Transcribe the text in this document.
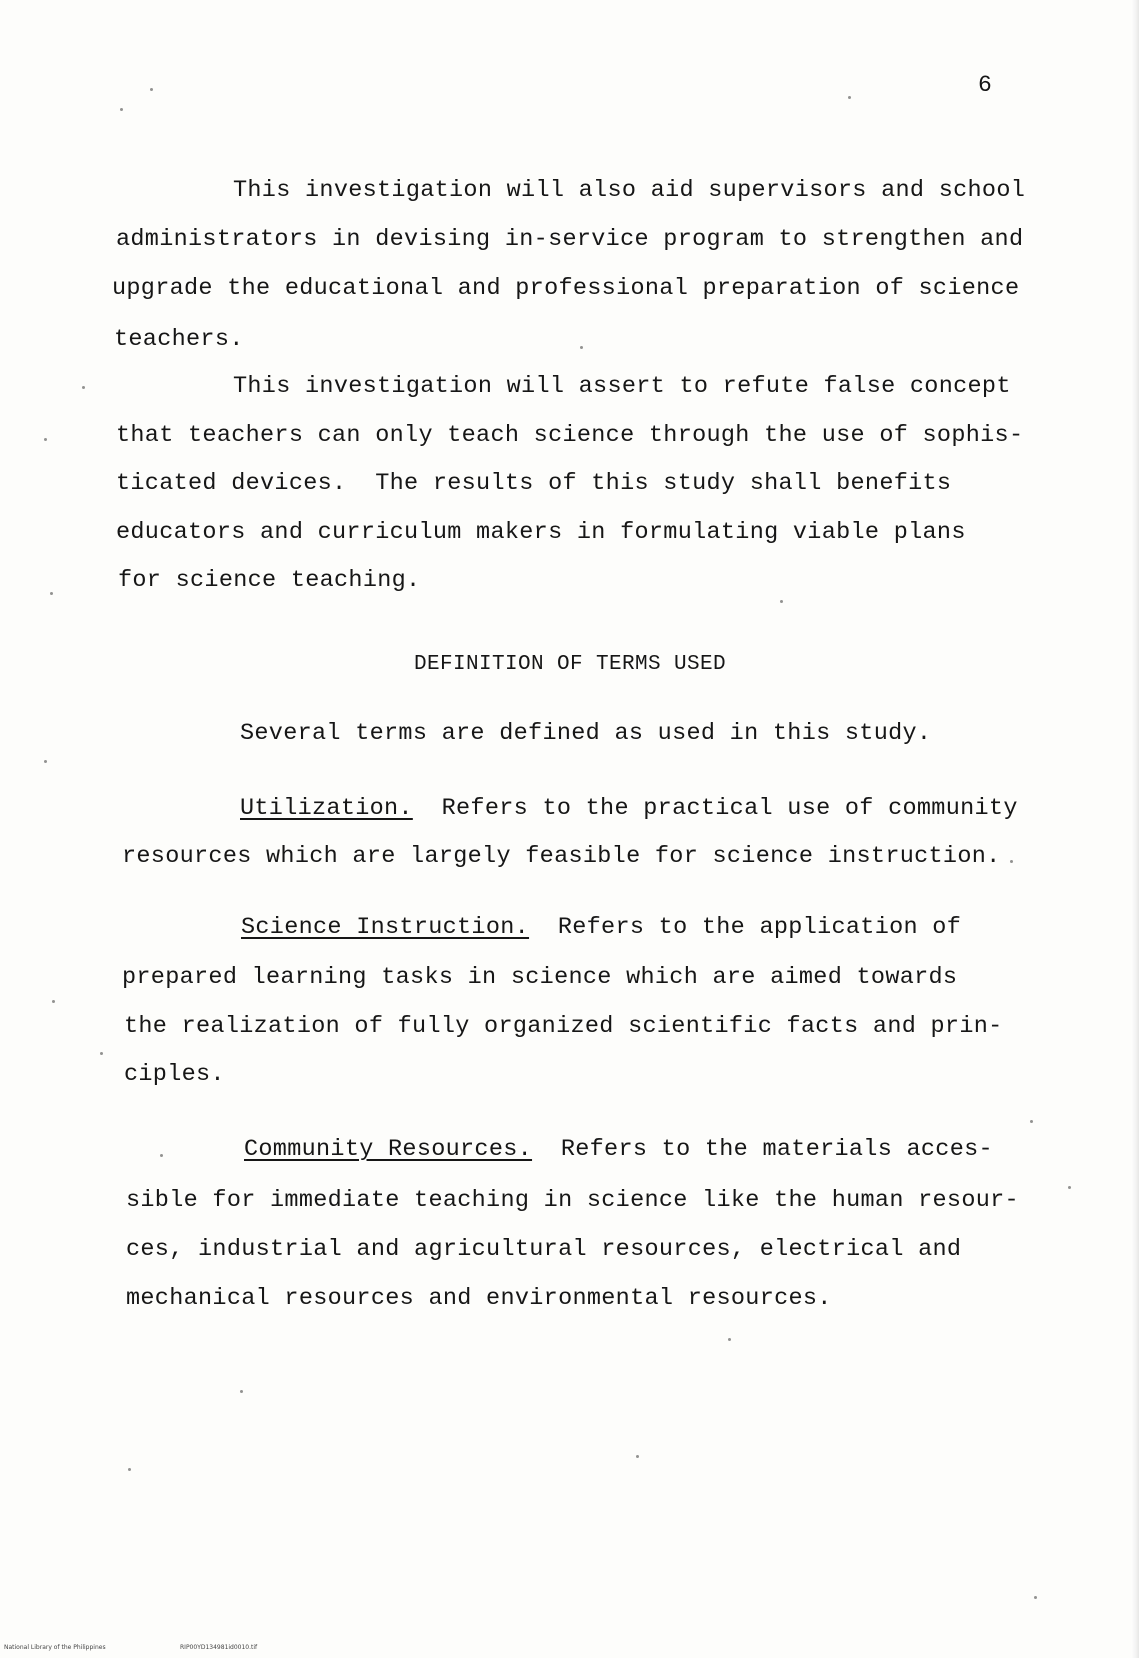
6
This investigation will also aid supervisors and school
administrators in devising in-service program to strengthen and
upgrade the educational and professional preparation of science
teachers.
This investigation will assert to refute false concept
that teachers can only teach science through the use of sophis-
ticated devices.  The results of this study shall benefits
educators and curriculum makers in formulating viable plans
for science teaching.
DEFINITION OF TERMS USED
Several terms are defined as used in this study.
Utilization.  Refers to the practical use of community
resources which are largely feasible for science instruction.
Science Instruction.  Refers to the application of
prepared learning tasks in science which are aimed towards
the realization of fully organized scientific facts and prin-
ciples.
Community Resources.  Refers to the materials acces-
sible for immediate teaching in science like the human resour-
ces, industrial and agricultural resources, electrical and
mechanical resources and environmental resources.
National Library of the Philippines	RIP00YD134981id0010.tif
